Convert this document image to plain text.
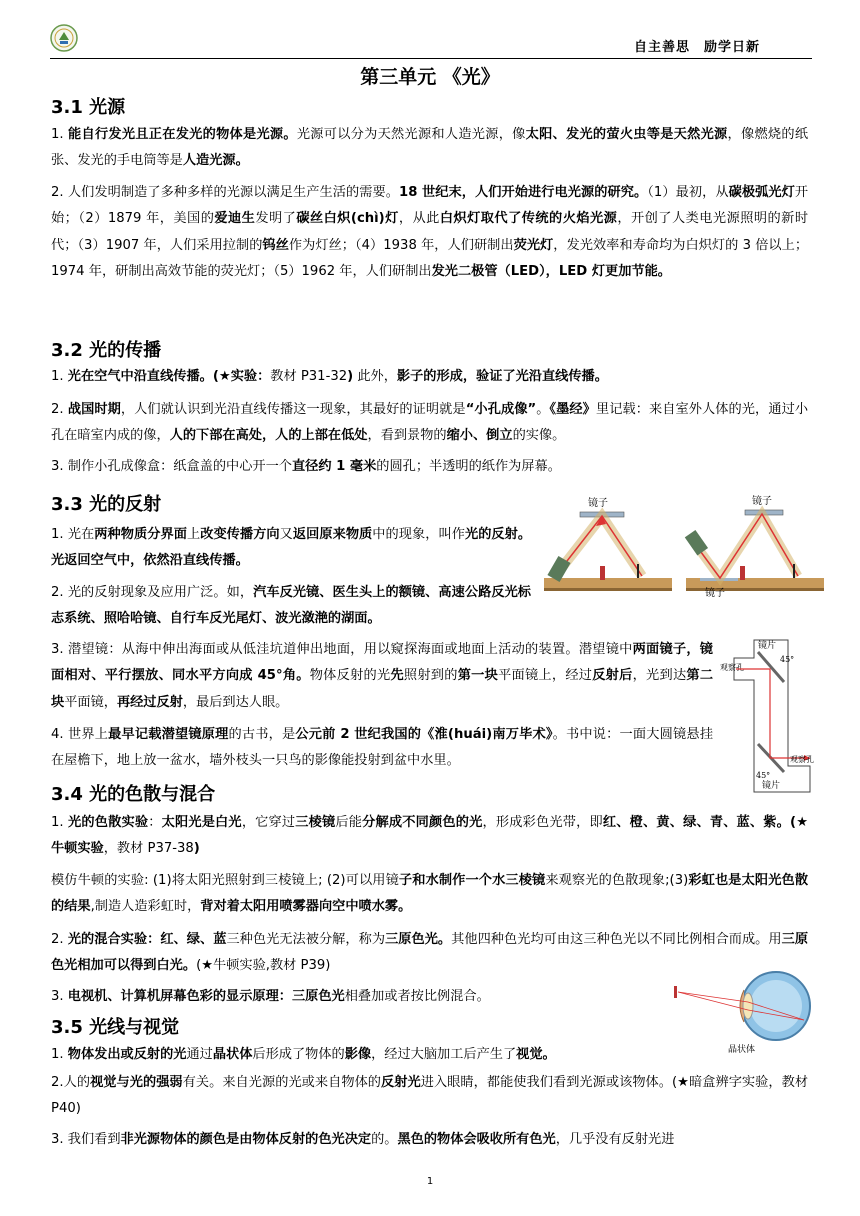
自主善思　励学日新
第三单元 《光》
3.1 光源
1. 能自行发光且正在发光的物体是光源。光源可以分为天然光源和人造光源，像太阳、发光的萤火虫等是天然光源，像燃烧的纸张、发光的手电筒等是人造光源。
2. 人们发明制造了多种多样的光源以满足生产生活的需要。18 世纪末，人们开始进行电光源的研究。（1）最初，从碳极弧光灯开始；（2）1879 年，美国的爱迪生发明了碳丝白炽(chì)灯，从此白炽灯取代了传统的火焰光源，开创了人类电光源照明的新时代；（3）1907 年，人们采用拉制的钨丝作为灯丝；（4）1938 年，人们研制出荧光灯，发光效率和寿命均为白炽灯的 3 倍以上；1974 年，研制出高效节能的荧光灯；（5）1962 年，人们研制出发光二极管（LED），LED 灯更加节能。
3.2 光的传播
1. 光在空气中沿直线传播。(★实验：教材 P31-32) 此外，影子的形成，验证了光沿直线传播。
2. 战国时期，人们就认识到光沿直线传播这一现象，其最好的证明就是“小孔成像”。《墨经》里记载：来自室外人体的光，通过小孔在暗室内成的像，人的下部在高处，人的上部在低处，看到景物的缩小、倒立的实像。
3. 制作小孔成像盒：纸盒盖的中心开一个直径约 1 毫米的圆孔；半透明的纸作为屏幕。
3.3 光的反射
1. 光在两种物质分界面上改变传播方向又返回原来物质中的现象，叫作光的反射。光返回空气中，依然沿直线传播。
2. 光的反射现象及应用广泛。如，汽车反光镜、医生头上的额镜、高速公路反光标志系统、照哈哈镜、自行车反光尾灯、波光潋滟的湖面。
3. 潜望镜：从海中伸出海面或从低洼坑道伸出地面，用以窥探海面或地面上活动的装置。潜望镜中两面镜子，镜面相对、平行摆放、同水平方向成 45°角。物体反射的光先照射到的第一块平面镜上，经过反射后，光到达第二块平面镜，再经过反射，最后到达人眼。
4. 世界上最早记载潜望镜原理的古书，是公元前 2 世纪我国的《淮(huái)南万毕术》。书中说：一面大圆镜悬挂在屋檐下，地上放一盆水，墙外枝头一只鸟的影像能投射到盆中水里。
镜子	镜子
镜子
镜片
45°
观察孔
观察孔
45°
镜片
3.4 光的色散与混合
1. 光的色散实验：太阳光是白光，它穿过三棱镜后能分解成不同颜色的光，形成彩色光带，即红、橙、黄、绿、青、蓝、紫。(★牛顿实验，教材 P37-38)
模仿牛顿的实验: (1)将太阳光照射到三棱镜上; (2)可以用镜子和水制作一个水三棱镜来观察光的色散现象;(3)彩虹也是太阳光色散的结果,制造人造彩虹时，背对着太阳用喷雾器向空中喷水雾。
2. 光的混合实验：红、绿、蓝三种色光无法被分解，称为三原色光。其他四种色光均可由这三种色光以不同比例相合而成。用三原色光相加可以得到白光。(★牛顿实验,教材 P39)
3. 电视机、计算机屏幕色彩的显示原理：三原色光相叠加或者按比例混合。
晶状体
3.5 光线与视觉
1. 物体发出或反射的光通过晶状体后形成了物体的影像，经过大脑加工后产生了视觉。
2.人的视觉与光的强弱有关。来自光源的光或来自物体的反射光进入眼睛，都能使我们看到光源或该物体。(★暗盒辨字实验，教材 P40)
3. 我们看到非光源物体的颜色是由物体反射的色光决定的。黑色的物体会吸收所有色光，几乎没有反射光进
1
